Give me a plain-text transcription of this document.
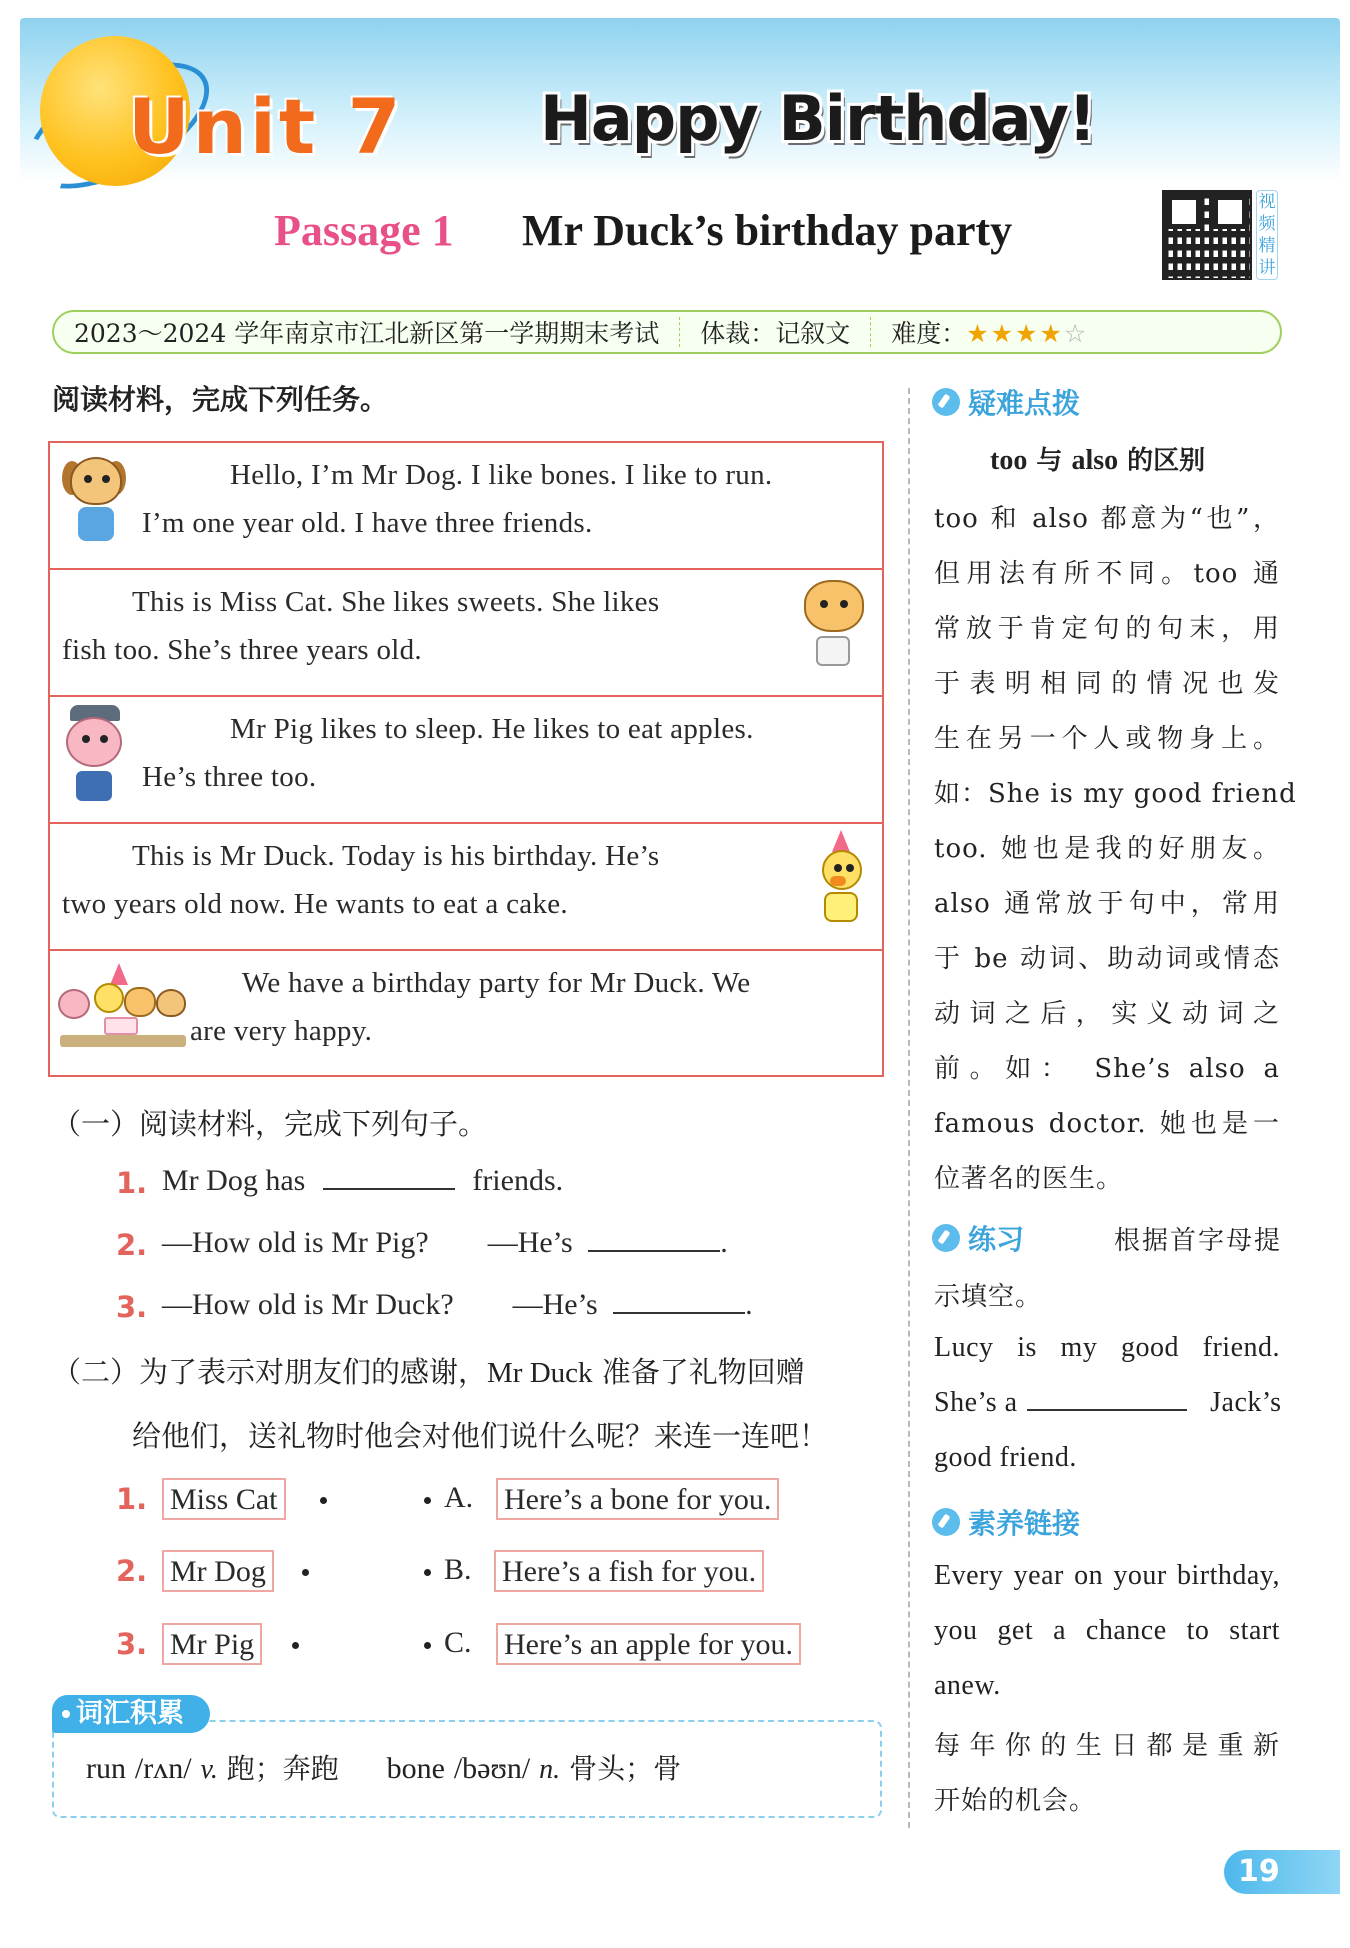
Unit 7 Happy Birthday!
Passage 1 Mr Duck’s birthday party
视
频
精
讲
2023～2024 学年南京市江北新区第一学期期末考试	体裁：记叙文	难度：★★★★☆
阅读材料，完成下列任务。
Hello, I’m Mr Dog. I like bones. I like to run.
I’m one year old. I have three friends.
This is Miss Cat. She likes sweets. She likes
fish too. She’s three years old.
Mr Pig likes to sleep. He likes to eat apples.
He’s three too.
This is Mr Duck. Today is his birthday. He’s
two years old now. He wants to eat a cake.
We have a birthday party for Mr Duck. We
are very happy.
（一）阅读材料，完成下列句子。
1. Mr Dog has	friends.
2. —How old is Mr Pig? —He’s	.
3. —How old is Mr Duck? —He’s	.
（二）为了表示对朋友们的感谢，Mr Duck 准备了礼物回赠
给他们，送礼物时他会对他们说什么呢？来连一连吧！
1. Miss Cat	A. Here’s a bone for you.
2. Mr Dog	B. Here’s a fish for you.
3. Mr Pig	C. Here’s an apple for you.
词汇积累
run /rʌn/ v. 跑；奔跑 bone /bəʊn/ n. 骨头；骨
疑难点拨
too 与 also 的区别
too 和 also 都意为“也”，
但用法有所不同。too 通
常放于肯定句的句末，用
于表明相同的情况也发
生在另一个人或物身上。
如：She is my good friend
too. 她也是我的好朋友。
also 通常放于句中，常用
于 be 动词、助动词或情态
动词之后，实义动词之
前。如： She’s also a
famous doctor. 她也是一
位著名的医生。
练习	根据首字母提
示填空。
Lucy is my good friend.
She’s a	Jack’s
good friend.
素养链接
Every year on your birthday,
you get a chance to start
anew.
每年你的生日都是重新
开始的机会。
19
